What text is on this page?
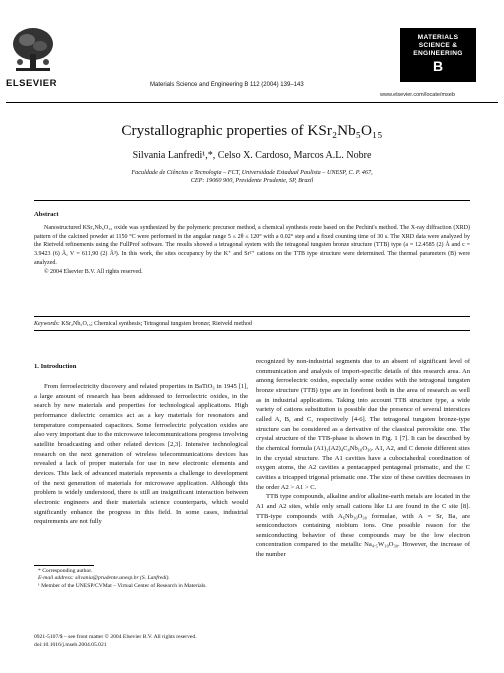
ELSEVIER	Materials Science and Engineering B 112 (2004) 139–143
MATERIALS
SCIENCE &
ENGINEERING
B
www.elsevier.com/locate/mseb
Crystallographic properties of KSr₂Nb₅O₁₅
Silvania Lanfredi¹,*, Celso X. Cardoso, Marcos A.L. Nobre
Faculdade de Ciências e Tecnologia – FCT, Universidade Estadual Paulista – UNESP, C. P. 467,
CEP: 19060 900, Presidente Prudente, SP, Brazil
Abstract
Nanostructured KSr₂Nb₅O₁₅ oxide was synthesized by the polymeric precursor method, a chemical synthesis route based on the Pechini's method. The X-ray diffraction (XRD) pattern of the calcined powder at 1150 °C were performed in the angular range 5 ≤ 2θ ≤ 120° with a 0.02° step and a fixed counting time of 30 s. The XRD data were analyzed by the Rietveld refinements using the FullProf software. The results showed a tetragonal system with the tetragonal tungsten bronze structure (TTB) type (a = 12.4585 (2) Å and c = 3.9423 (6) Å, V = 611,90 (2) Å³). In this work, the sites occupancy by the K⁺ and Sr²⁺ cations on the TTB type structure were determined. The thermal parameters (B) were analyzed.
© 2004 Elsevier B.V. All rights reserved.
Keywords: KSr₂Nb₅O₁₅; Chemical synthesis; Tetragonal tungsten bronze; Rietveld method
1. Introduction

From ferroelectricity discovery and related properties in BaTiO₃ in 1945 [1], a large amount of research has been addressed to ferroelectric oxides, in the search by new materials and properties for technological applications. High performance dielectric ceramics act as a key materials for resonators and temperature compensated capacitors. Some ferroelectric polycation oxides are also very important due to the microwave telecommunications progress involving satellite broadcasting and other related devices [2,3]. Intensive technological research on the next generation of wireless telecommunications devices has revealed a lack of proper materials for use in new electronic elements and devices. This lack of advanced materials represents a challenge to development of the next generation of materials for microwave application. Although this problem is widely understood, there is still an insignificant interaction between electronic engineers and their materials science counterparts, which would significantly enhance the progress in this field. In some cases, industrial requirements are not fully

recognized by non-industrial segments due to an absent of significant level of communication and analysis of import-specific details of this research area. An among ferroelectric oxides, especially some oxides with the tetragonal tungsten bronze structure (TTB) type are in forefront both in the area of research as well as in industrial applications. Taking into account TTB structure type, a wide variety of cations substitution is possible due the presence of several interstices called A, B, and C, respectively [4-6]. The tetragonal tungsten bronze-type structure can be considered as a derivative of the classical perovskite one. The crystal structure of the TTB-phase is shown in Fig. 1 [7]. It can be described by the chemical formula (A1)₂(A2)₄C₄Nb₁₀O₃₀. A1, A2, and C denote different sites in the crystal structure. The A1 cavities have a cuboctahedral coordination of oxygen atoms, the A2 cavities a pentacapped pentagonal prismatic, and the C cavities a tricapped trigonal prismatic one. The size of these cavities decreases in the order A2 > A1 > C.

TTB type compounds, alkaline and/or alkaline-earth metals are located in the A1 and A2 sites, while only small cations like Li are found in the C site [8]. TTB-type compounds with A₆Nb₁₀O₃₀ formulae, with A = Sr, Ba, are semiconductors containing niobium ions. One possible reason for the semiconducting behavior of these compounds may be the low electron concentration compared to the metallic Na₄.₅W₁₀O₃₀. However, the increase of the number

* Corresponding author.
E-mail address: silvania@prudente.unesp.br (S. Lanfredi).
¹ Member of the UNESP/CVMat – Virtual Center of Research in Materials.
0921-5107/$ – see front matter © 2004 Elsevier B.V. All rights reserved.
doi:10.1016/j.mseb.2004.05.021
